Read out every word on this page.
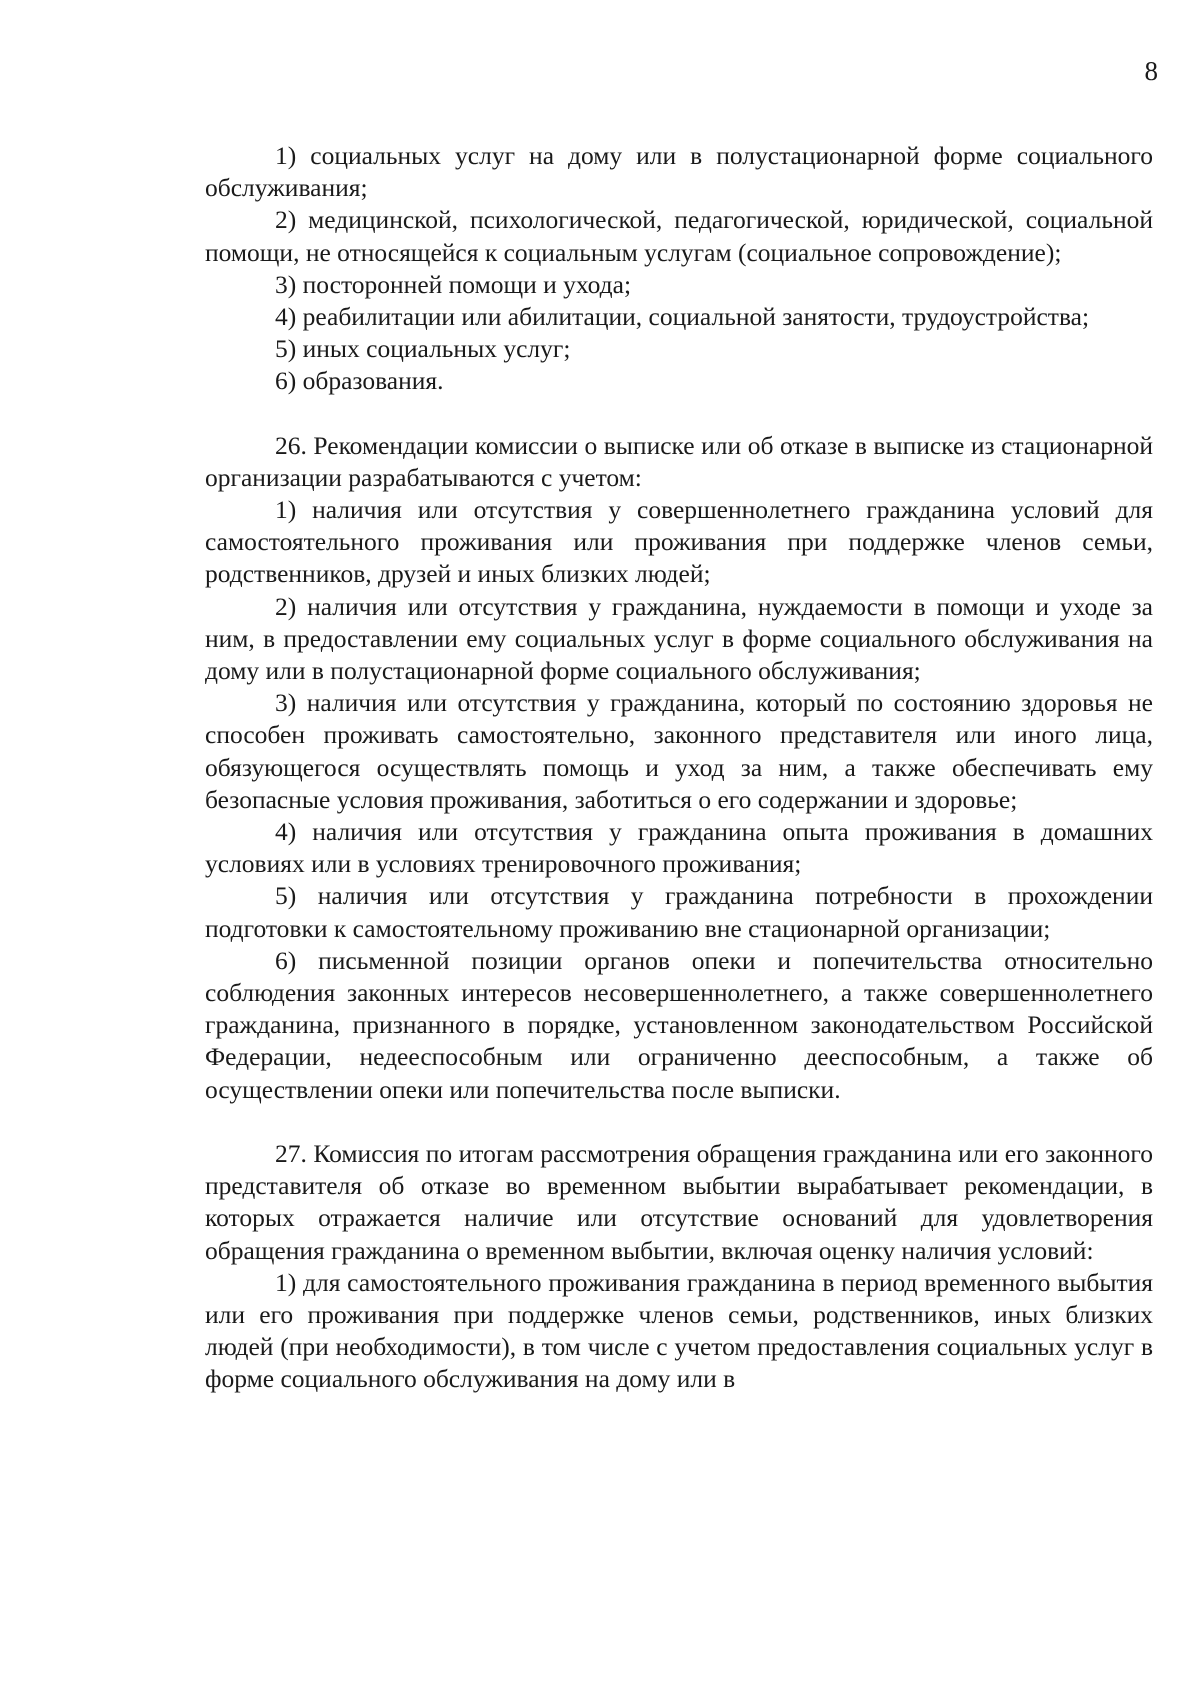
8

1) социальных услуг на дому или в полустационарной форме социального обслуживания;

2) медицинской, психологической, педагогической, юридической, социальной помощи, не относящейся к социальным услугам (социальное сопровождение);

3) посторонней помощи и ухода;

4) реабилитации или абилитации, социальной занятости, трудоустройства;

5) иных социальных услуг;

6) образования.

26. Рекомендации комиссии о выписке или об отказе в выписке из стационарной организации разрабатываются с учетом:

1) наличия или отсутствия у совершеннолетнего гражданина условий для самостоятельного проживания или проживания при поддержке членов семьи, родственников, друзей и иных близких людей;

2) наличия или отсутствия у гражданина, нуждаемости в помощи и уходе за ним, в предоставлении ему социальных услуг в форме социального обслуживания на дому или в полустационарной форме социального обслуживания;

3) наличия или отсутствия у гражданина, который по состоянию здоровья не способен проживать самостоятельно, законного представителя или иного лица, обязующегося осуществлять помощь и уход за ним, а также обеспечивать ему безопасные условия проживания, заботиться о его содержании и здоровье;

4) наличия или отсутствия у гражданина опыта проживания в домашних условиях или в условиях тренировочного проживания;

5) наличия или отсутствия у гражданина потребности в прохождении подготовки к самостоятельному проживанию вне стационарной организации;

6) письменной позиции органов опеки и попечительства относительно соблюдения законных интересов несовершеннолетнего, а также совершеннолетнего гражданина, признанного в порядке, установленном законодательством Российской Федерации, недееспособным или ограниченно дееспособным, а также об осуществлении опеки или попечительства после выписки.

27. Комиссия по итогам рассмотрения обращения гражданина или его законного представителя об отказе во временном выбытии вырабатывает рекомендации, в которых отражается наличие или отсутствие оснований для удовлетворения обращения гражданина о временном выбытии, включая оценку наличия условий:

1) для самостоятельного проживания гражданина в период временного выбытия или его проживания при поддержке членов семьи, родственников, иных близких людей (при необходимости), в том числе с учетом предоставления социальных услуг в форме социального обслуживания на дому или в
